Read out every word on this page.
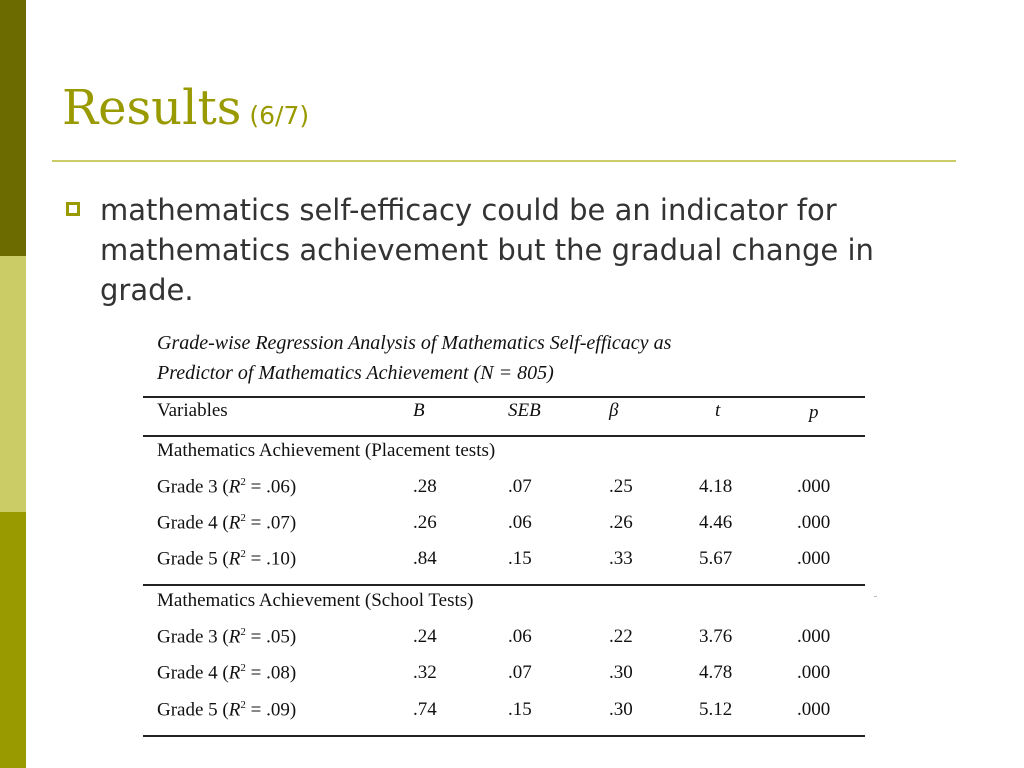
Results (6/7)
mathematics self-efficacy could be an indicator for mathematics achievement but the gradual change in grade.
Grade-wise Regression Analysis of Mathematics Self-efficacy as
Predictor of Mathematics Achievement (N = 805)
Variables	B	SEB	β	t	p
Mathematics Achievement (Placement tests)
Grade 3 $(R^2 = .06)$	.28	.07	.25	4.18	.000
Grade 4 $(R^2 = .07)$	.26	.06	.26	4.46	.000
Grade 5 $(R^2 = .10)$	.84	.15	.33	5.67	.000
Mathematics Achievement (School Tests)
Grade 3 $(R^2 = .05)$	.24	.06	.22	3.76	.000
Grade 4 $(R^2 = .08)$	.32	.07	.30	4.78	.000
Grade 5 $(R^2 = .09)$	.74	.15	.30	5.12	.000
